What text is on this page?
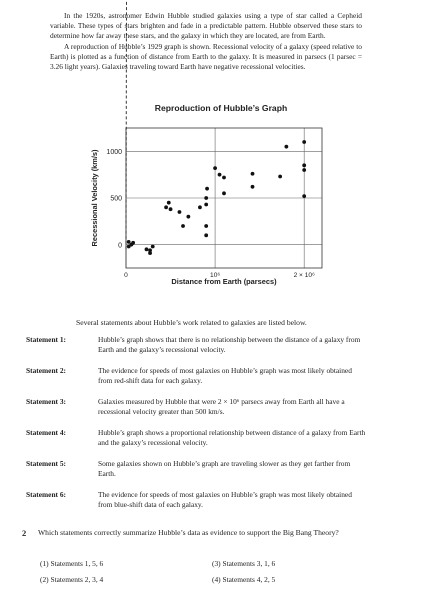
In the 1920s, astronomer Edwin Hubble studied galaxies using a type of star called a Cepheid variable. These types of stars brighten and fade in a predictable pattern. Hubble observed these stars to determine how far away these stars, and the galaxy in which they are located, are from Earth.

A reproduction of Hubble’s 1929 graph is shown. Recessional velocity of a galaxy (speed relative to Earth) is plotted as a function of distance from Earth to the galaxy. It is measured in parsecs (1 parsec = 3.26 light years). Galaxies traveling toward Earth have negative recessional velocities.

Reproduction of Hubble’s Graph
0
500
1000
0	10⁶	2 × 10⁶
Recessional Velocity (km/s)
Distance from Earth (parsecs)
Several statements about Hubble’s work related to galaxies are listed below.
Statement 1:	Hubble’s graph shows that there is no relationship between the distance of a galaxy from Earth and the galaxy’s recessional velocity.
Statement 2:	The evidence for speeds of most galaxies on Hubble’s graph was most likely obtained from red-shift data for each galaxy.
Statement 3:	Galaxies measured by Hubble that were 2 × 10⁶ parsecs away from Earth all have a recessional velocity greater than 500 km/s.
Statement 4:	Hubble’s graph shows a proportional relationship between distance of a galaxy from Earth and the galaxy’s recessional velocity.
Statement 5:	Some galaxies shown on Hubble’s graph are traveling slower as they get farther from Earth.
Statement 6:	The evidence for speeds of most galaxies on Hubble’s graph was most likely obtained from blue-shift data of each galaxy.
2 Which statements correctly summarize Hubble’s data as evidence to support the Big Bang Theory?
(1) Statements 1, 5, 6
(2) Statements 2, 3, 4
(3) Statements 3, 1, 6
(4) Statements 4, 2, 5
